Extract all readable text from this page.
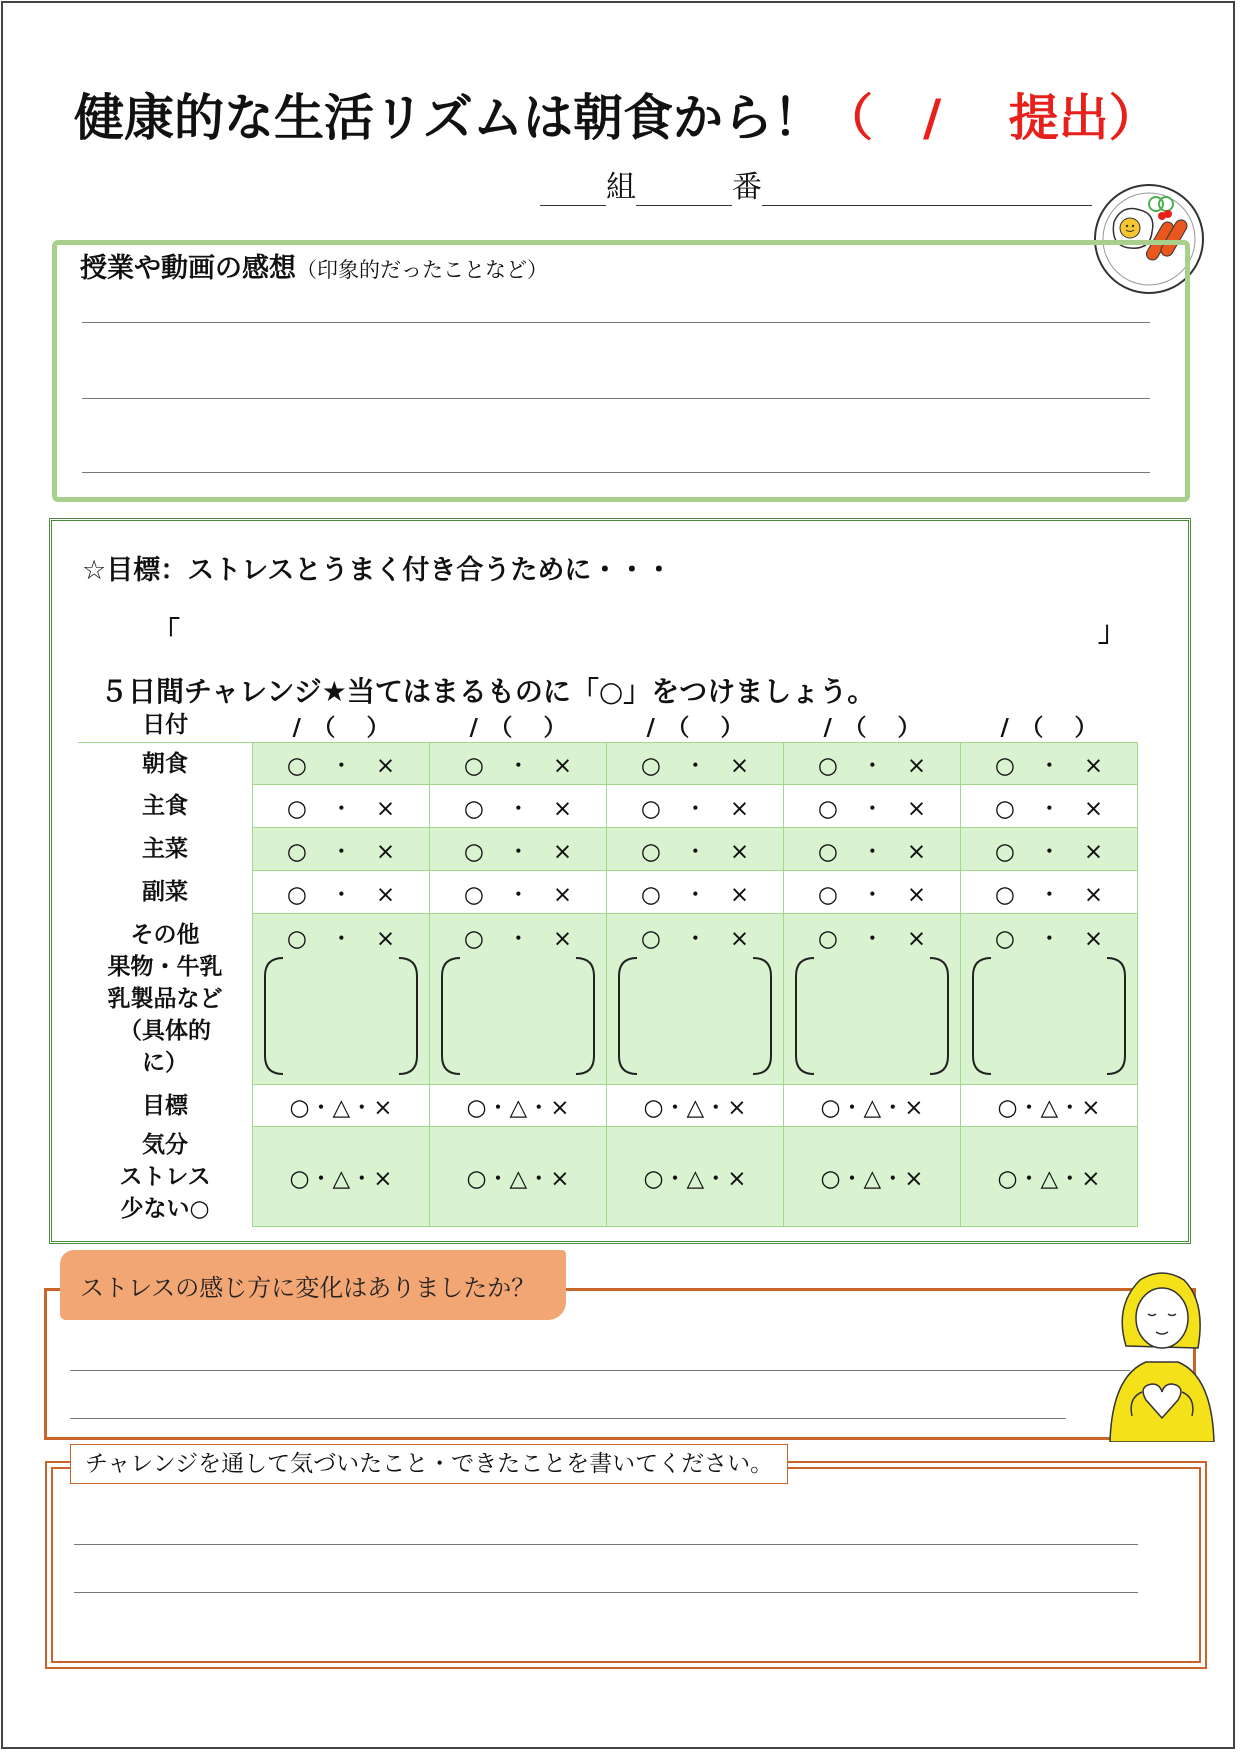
健康的な生活リズムは朝食から！（　/　 提出）
組	番
授業や動画の感想（印象的だったことなど）
☆目標：ストレスとうまく付き合うために・・・
「	」
５日間チャレンジ★当てはまるものに「○」をつけましょう。
日付	/　（　 ）	/　（　 ）	/　（　 ）	/　（　 ）	/　（　 ）
朝食	○　・　×	○　・　×	○　・　×	○　・　×	○　・　×
主食	○　・　×	○　・　×	○　・　×	○　・　×	○　・　×
主菜	○　・　×	○　・　×	○　・　×	○　・　×	○　・　×
副菜	○　・　×	○　・　×	○　・　×	○　・　×	○　・　×

その他
果物・牛乳
乳製品など
（具体的
に）	○　・　×	○　・　×	○　・　×	○　・　×	○　・　×

目標	○・△・×	○・△・×	○・△・×	○・△・×	○・△・×

気分
ストレス
少ない○	○・△・×	○・△・×	○・△・×	○・△・×	○・△・×
ストレスの感じ方に変化はありましたか？
チャレンジを通して気づいたこと・できたことを書いてください。
